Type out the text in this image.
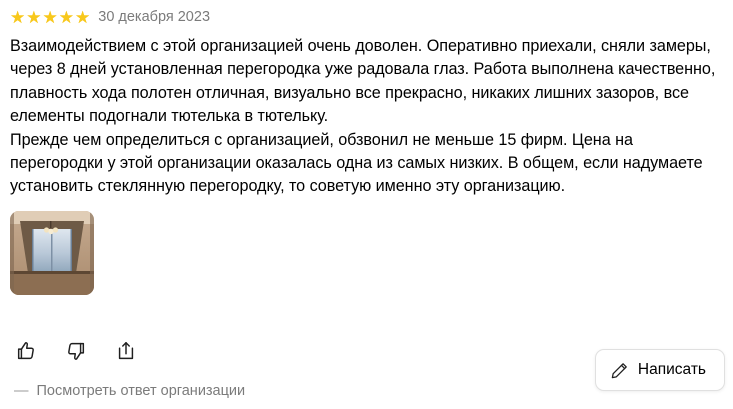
★ ★ ★ ★ ★ 30 декабря 2023

Взаимодействием с этой организацией очень доволен. Оперативно приехали, сняли замеры, через 8 дней установленная перегородка уже радовала глаз. Работа выполнена качественно, плавность хода полотен отличная, визуально все прекрасно, никаких лишних зазоров, все елементы подогнали тютелька в тютельку.

Прежде чем определиться с организацией, обзвонил не меньше 15 фирм. Цена на перегородки у этой организации оказалась одна из самых низких. В общем, если надумаете установить стеклянную перегородку, то советую именно эту организацию.

— Посмотреть ответ организации
Написать
